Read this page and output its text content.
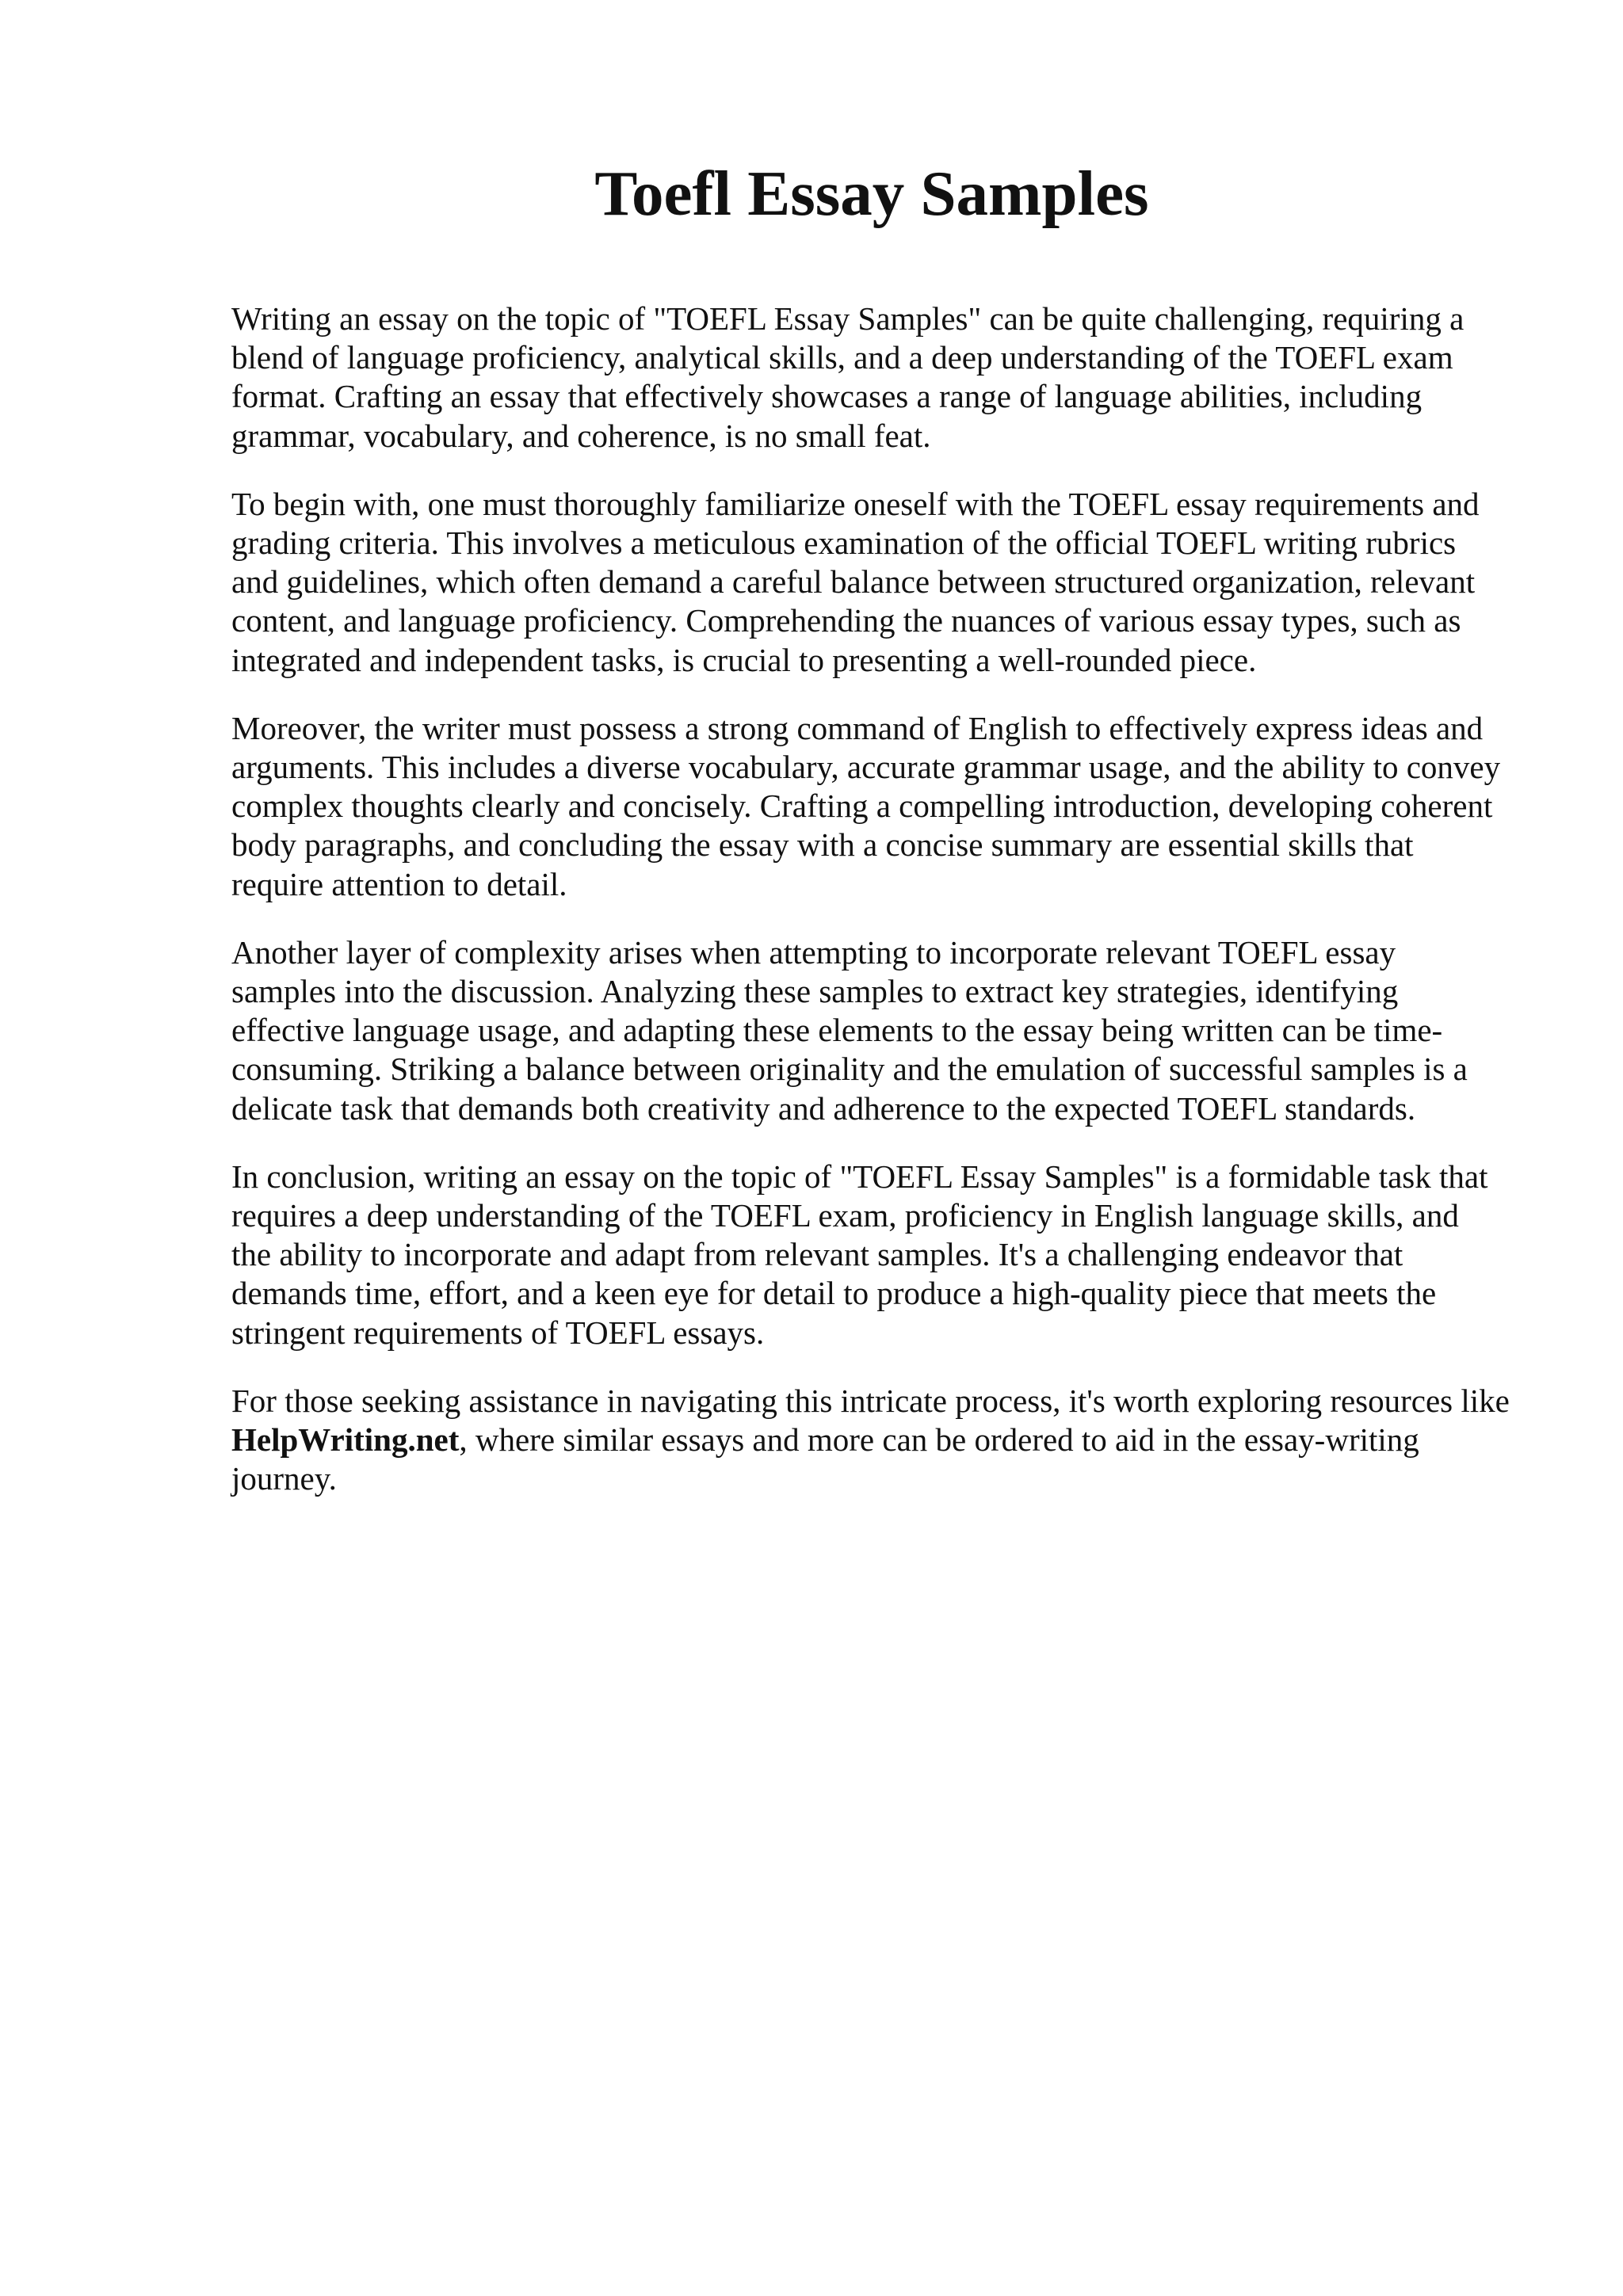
Toefl Essay Samples

Writing an essay on the topic of "TOEFL Essay Samples" can be quite challenging, requiring a
blend of language proficiency, analytical skills, and a deep understanding of the TOEFL exam
format. Crafting an essay that effectively showcases a range of language abilities, including
grammar, vocabulary, and coherence, is no small feat.

To begin with, one must thoroughly familiarize oneself with the TOEFL essay requirements and
grading criteria. This involves a meticulous examination of the official TOEFL writing rubrics
and guidelines, which often demand a careful balance between structured organization, relevant
content, and language proficiency. Comprehending the nuances of various essay types, such as
integrated and independent tasks, is crucial to presenting a well-rounded piece.

Moreover, the writer must possess a strong command of English to effectively express ideas and
arguments. This includes a diverse vocabulary, accurate grammar usage, and the ability to convey
complex thoughts clearly and concisely. Crafting a compelling introduction, developing coherent
body paragraphs, and concluding the essay with a concise summary are essential skills that
require attention to detail.

Another layer of complexity arises when attempting to incorporate relevant TOEFL essay
samples into the discussion. Analyzing these samples to extract key strategies, identifying
effective language usage, and adapting these elements to the essay being written can be time-
consuming. Striking a balance between originality and the emulation of successful samples is a
delicate task that demands both creativity and adherence to the expected TOEFL standards.

In conclusion, writing an essay on the topic of "TOEFL Essay Samples" is a formidable task that
requires a deep understanding of the TOEFL exam, proficiency in English language skills, and
the ability to incorporate and adapt from relevant samples. It's a challenging endeavor that
demands time, effort, and a keen eye for detail to produce a high-quality piece that meets the
stringent requirements of TOEFL essays.

For those seeking assistance in navigating this intricate process, it's worth exploring resources like
HelpWriting.net, where similar essays and more can be ordered to aid in the essay-writing
journey.
